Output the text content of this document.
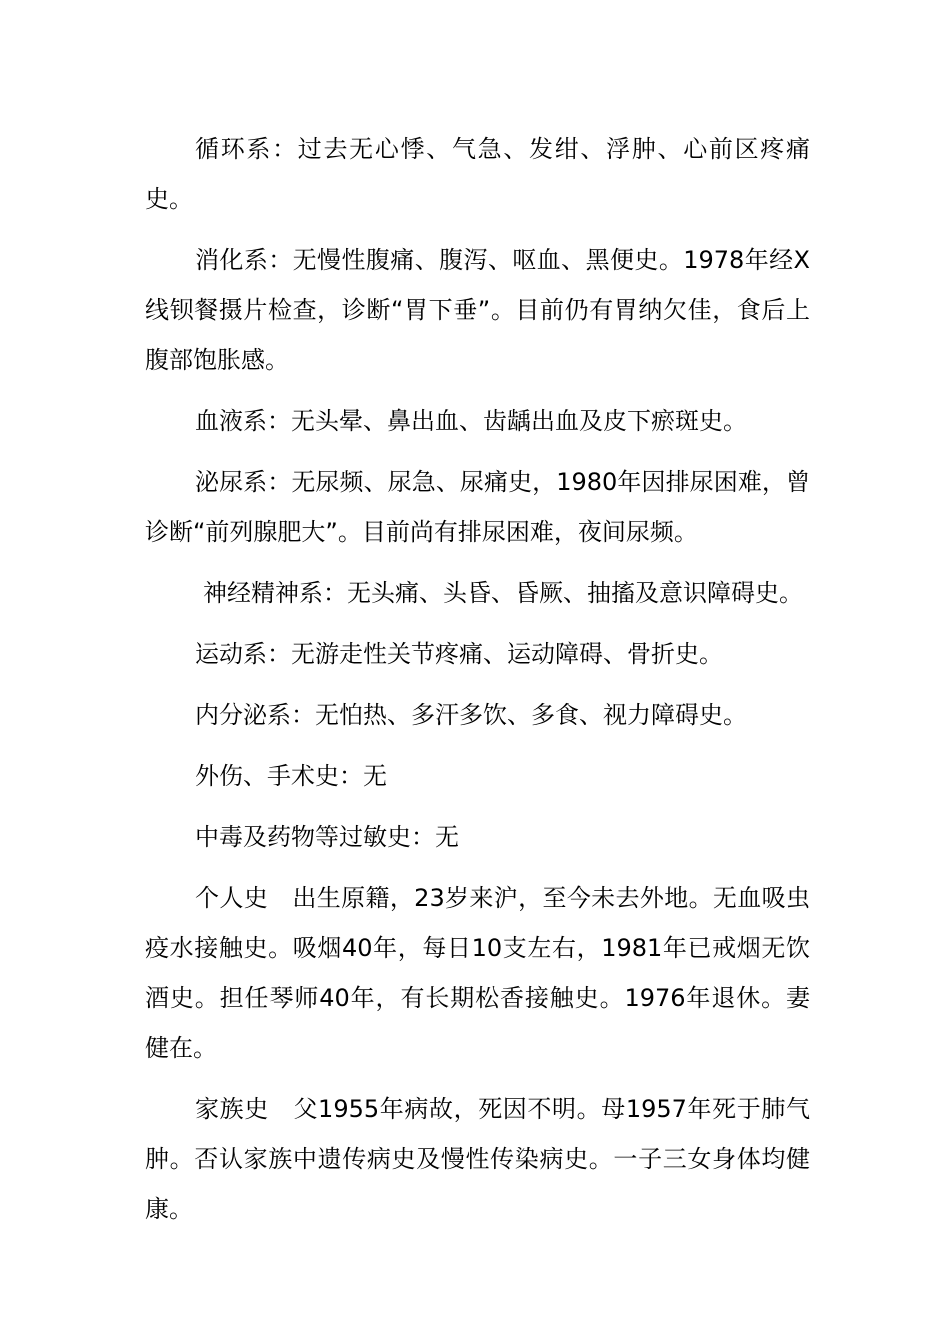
循环系：过去无心悸、气急、发绀、浮肿、心前区疼痛史。

消化系：无慢性腹痛、腹泻、呕血、黑便史。1978年经X线钡餐摄片检查，诊断“胃下垂”。目前仍有胃纳欠佳，食后上腹部饱胀感。

血液系：无头晕、鼻出血、齿龋出血及皮下瘀斑史。

泌尿系：无尿频、尿急、尿痛史，1980年因排尿困难，曾诊断“前列腺肥大”。目前尚有排尿困难，夜间尿频。

神经精神系：无头痛、头昏、昏厥、抽搐及意识障碍史。

运动系：无游走性关节疼痛、运动障碍、骨折史。

内分泌系：无怕热、多汗多饮、多食、视力障碍史。

外伤、手术史：无

中毒及药物等过敏史：无

个人史　出生原籍，23岁来沪，至今未去外地。无血吸虫疫水接触史。吸烟40年，每日10支左右，1981年已戒烟无饮酒史。担任琴师40年，有长期松香接触史。1976年退休。妻健在。

家族史　父1955年病故，死因不明。母1957年死于肺气肿。否认家族中遗传病史及慢性传染病史。一子三女身体均健康。
